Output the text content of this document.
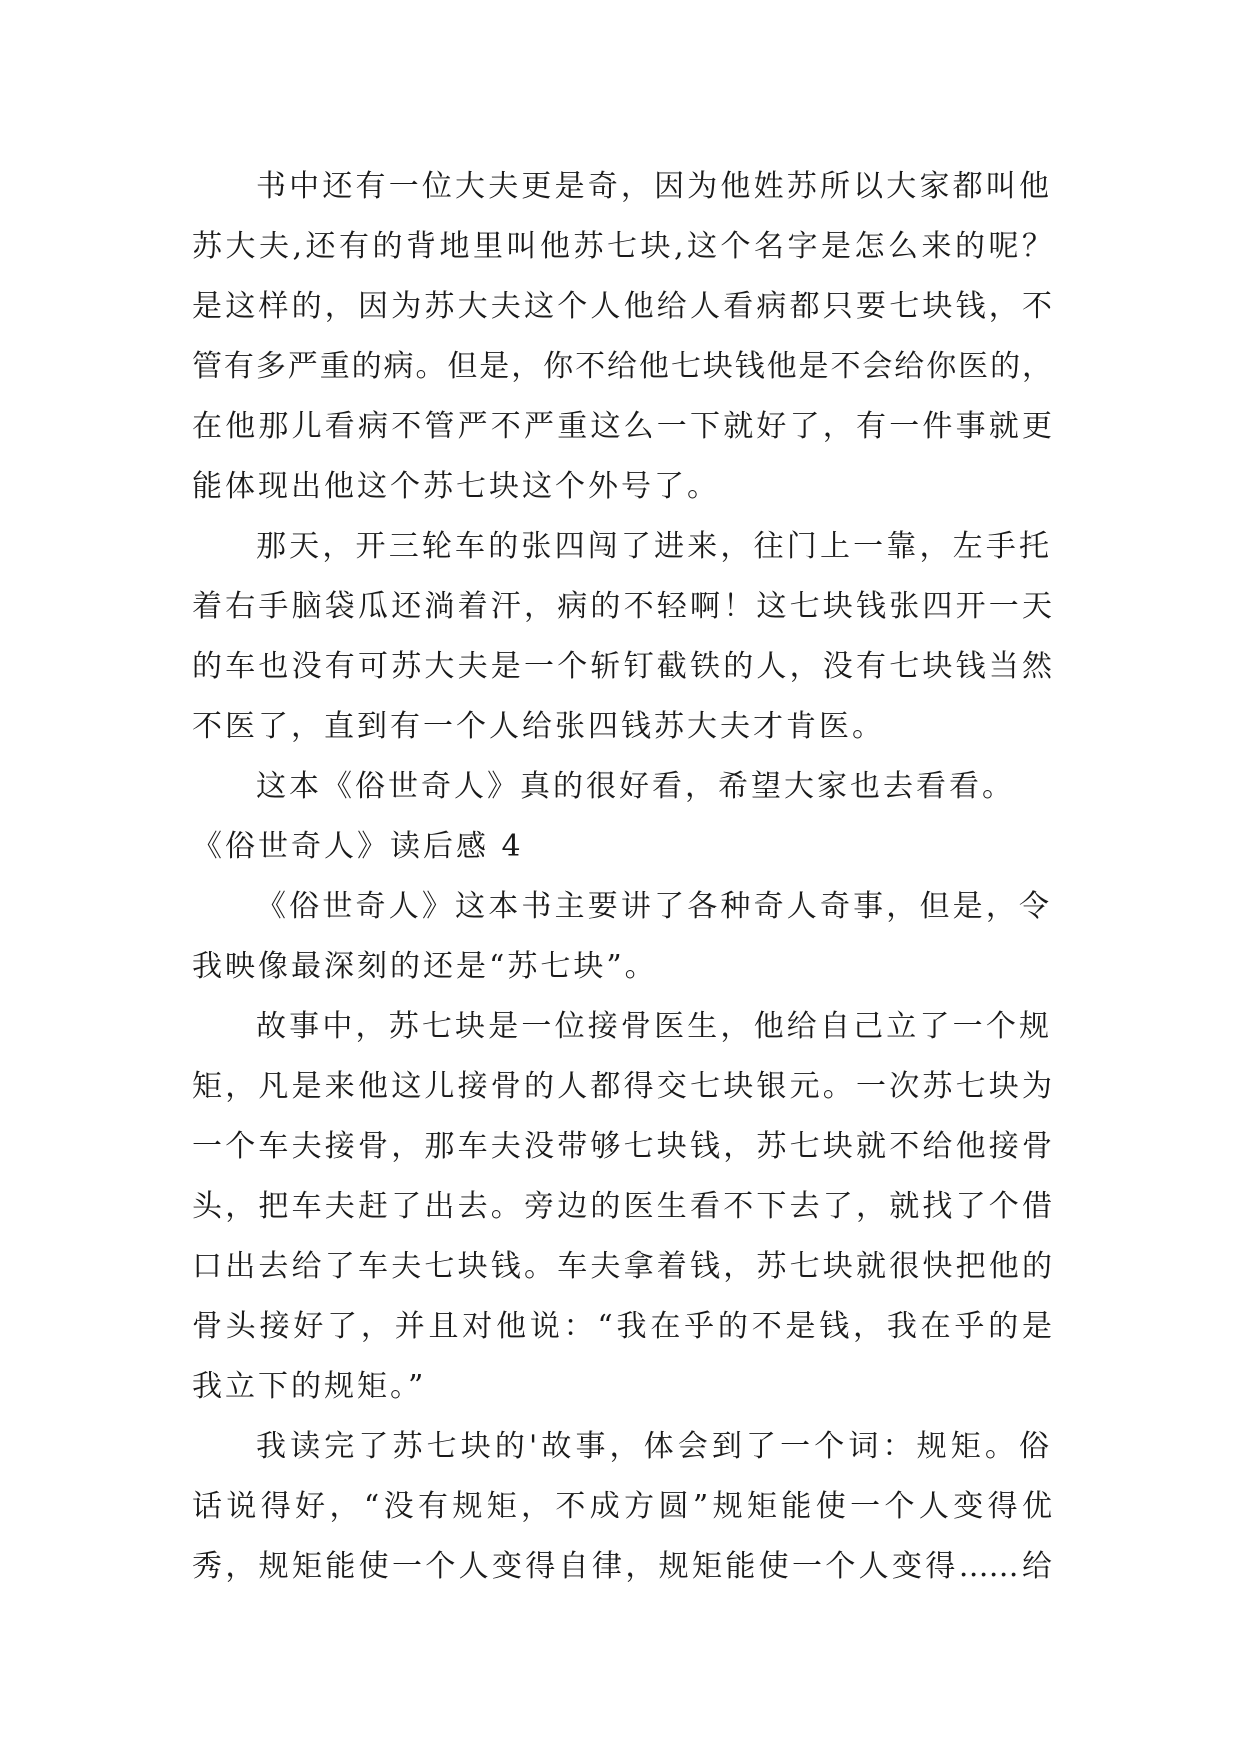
书中还有一位大夫更是奇，因为他姓苏所以大家都叫他
苏大夫,还有的背地里叫他苏七块,这个名字是怎么来的呢？
是这样的，因为苏大夫这个人他给人看病都只要七块钱，不
管有多严重的病。但是，你不给他七块钱他是不会给你医的，
在他那儿看病不管严不严重这么一下就好了，有一件事就更
能体现出他这个苏七块这个外号了。
那天，开三轮车的张四闯了进来，往门上一靠，左手托
着右手脑袋瓜还淌着汗，病的不轻啊！这七块钱张四开一天
的车也没有可苏大夫是一个斩钉截铁的人，没有七块钱当然
不医了，直到有一个人给张四钱苏大夫才肯医。
这本《俗世奇人》真的很好看，希望大家也去看看。
《俗世奇人》读后感 4
《俗世奇人》这本书主要讲了各种奇人奇事，但是，令
我映像最深刻的还是“苏七块”。
故事中，苏七块是一位接骨医生，他给自己立了一个规
矩，凡是来他这儿接骨的人都得交七块银元。一次苏七块为
一个车夫接骨，那车夫没带够七块钱，苏七块就不给他接骨
头，把车夫赶了出去。旁边的医生看不下去了，就找了个借
口出去给了车夫七块钱。车夫拿着钱，苏七块就很快把他的
骨头接好了，并且对他说：“我在乎的不是钱，我在乎的是
我立下的规矩。”
我读完了苏七块的'故事，体会到了一个词：规矩。俗
话说得好，“没有规矩，不成方圆”规矩能使一个人变得优
秀，规矩能使一个人变得自律，规矩能使一个人变得……给
